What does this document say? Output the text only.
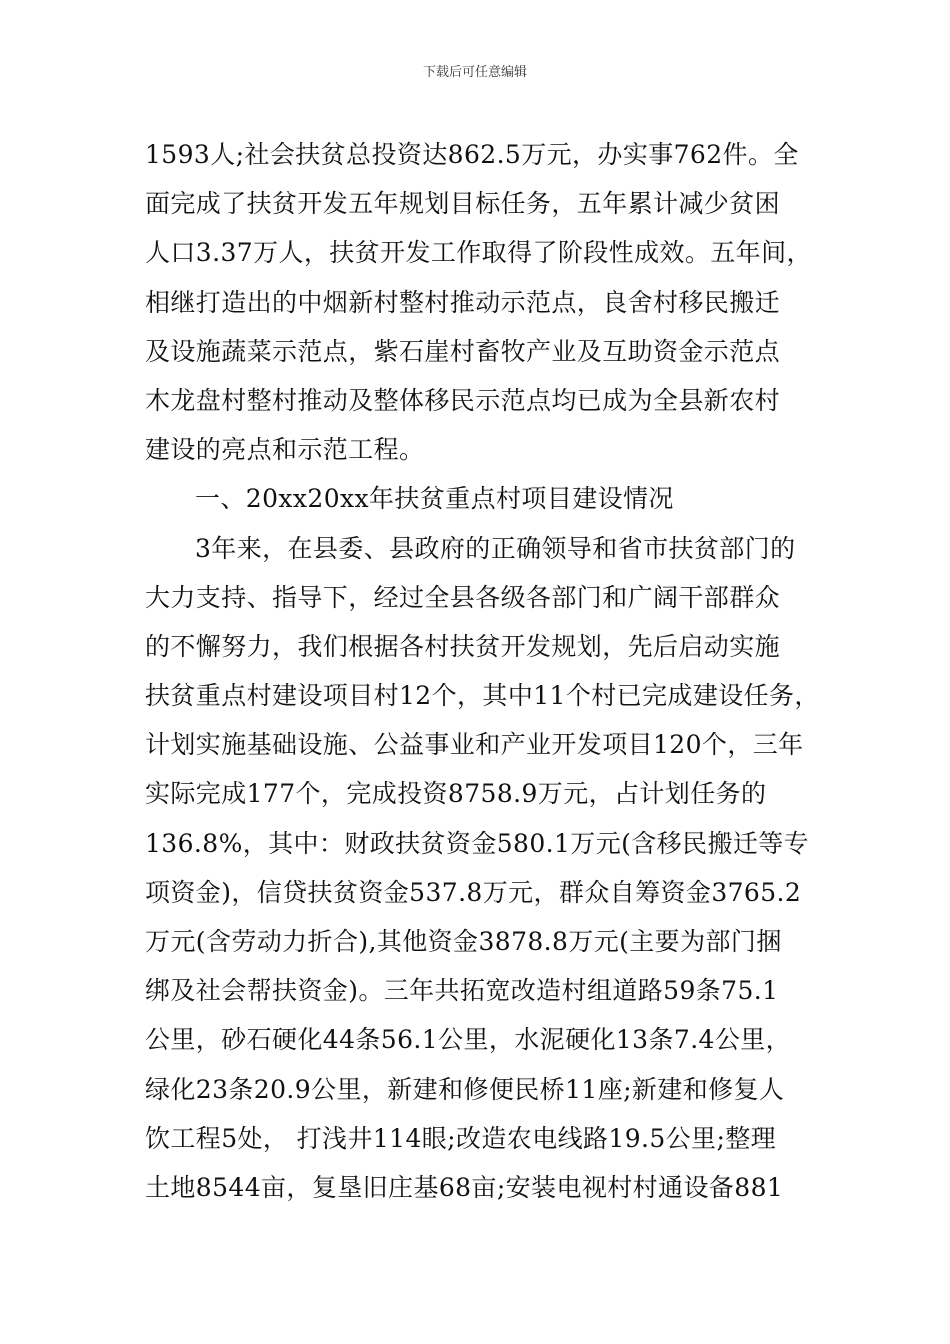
下载后可任意编辑
1593人;社会扶贫总投资达862.5万元，办实事762件。全
面完成了扶贫开发五年规划目标任务，五年累计减少贫困
人口3.37万人，扶贫开发工作取得了阶段性成效。五年间，
相继打造出的中烟新村整村推动示范点，良舍村移民搬迁
及设施蔬菜示范点，紫石崖村畜牧产业及互助资金示范点
木龙盘村整村推动及整体移民示范点均已成为全县新农村
建设的亮点和示范工程。
一、20xx20xx年扶贫重点村项目建设情况
3年来，在县委、县政府的正确领导和省市扶贫部门的
大力支持、指导下，经过全县各级各部门和广阔干部群众
的不懈努力，我们根据各村扶贫开发规划，先后启动实施
扶贫重点村建设项目村12个，其中11个村已完成建设任务，
计划实施基础设施、公益事业和产业开发项目120个，三年
实际完成177个，完成投资8758.9万元，占计划任务的
136.8%，其中：财政扶贫资金580.1万元(含移民搬迁等专
项资金)，信贷扶贫资金537.8万元，群众自筹资金3765.2
万元(含劳动力折合),其他资金3878.8万元(主要为部门捆
绑及社会帮扶资金)。三年共拓宽改造村组道路59条75.1
公里，砂石硬化44条56.1公里，水泥硬化13条7.4公里，
绿化23条20.9公里，新建和修便民桥11座;新建和修复人
饮工程5处， 打浅井114眼;改造农电线路19.5公里;整理
土地8544亩，复垦旧庄基68亩;安装电视村村通设备881
